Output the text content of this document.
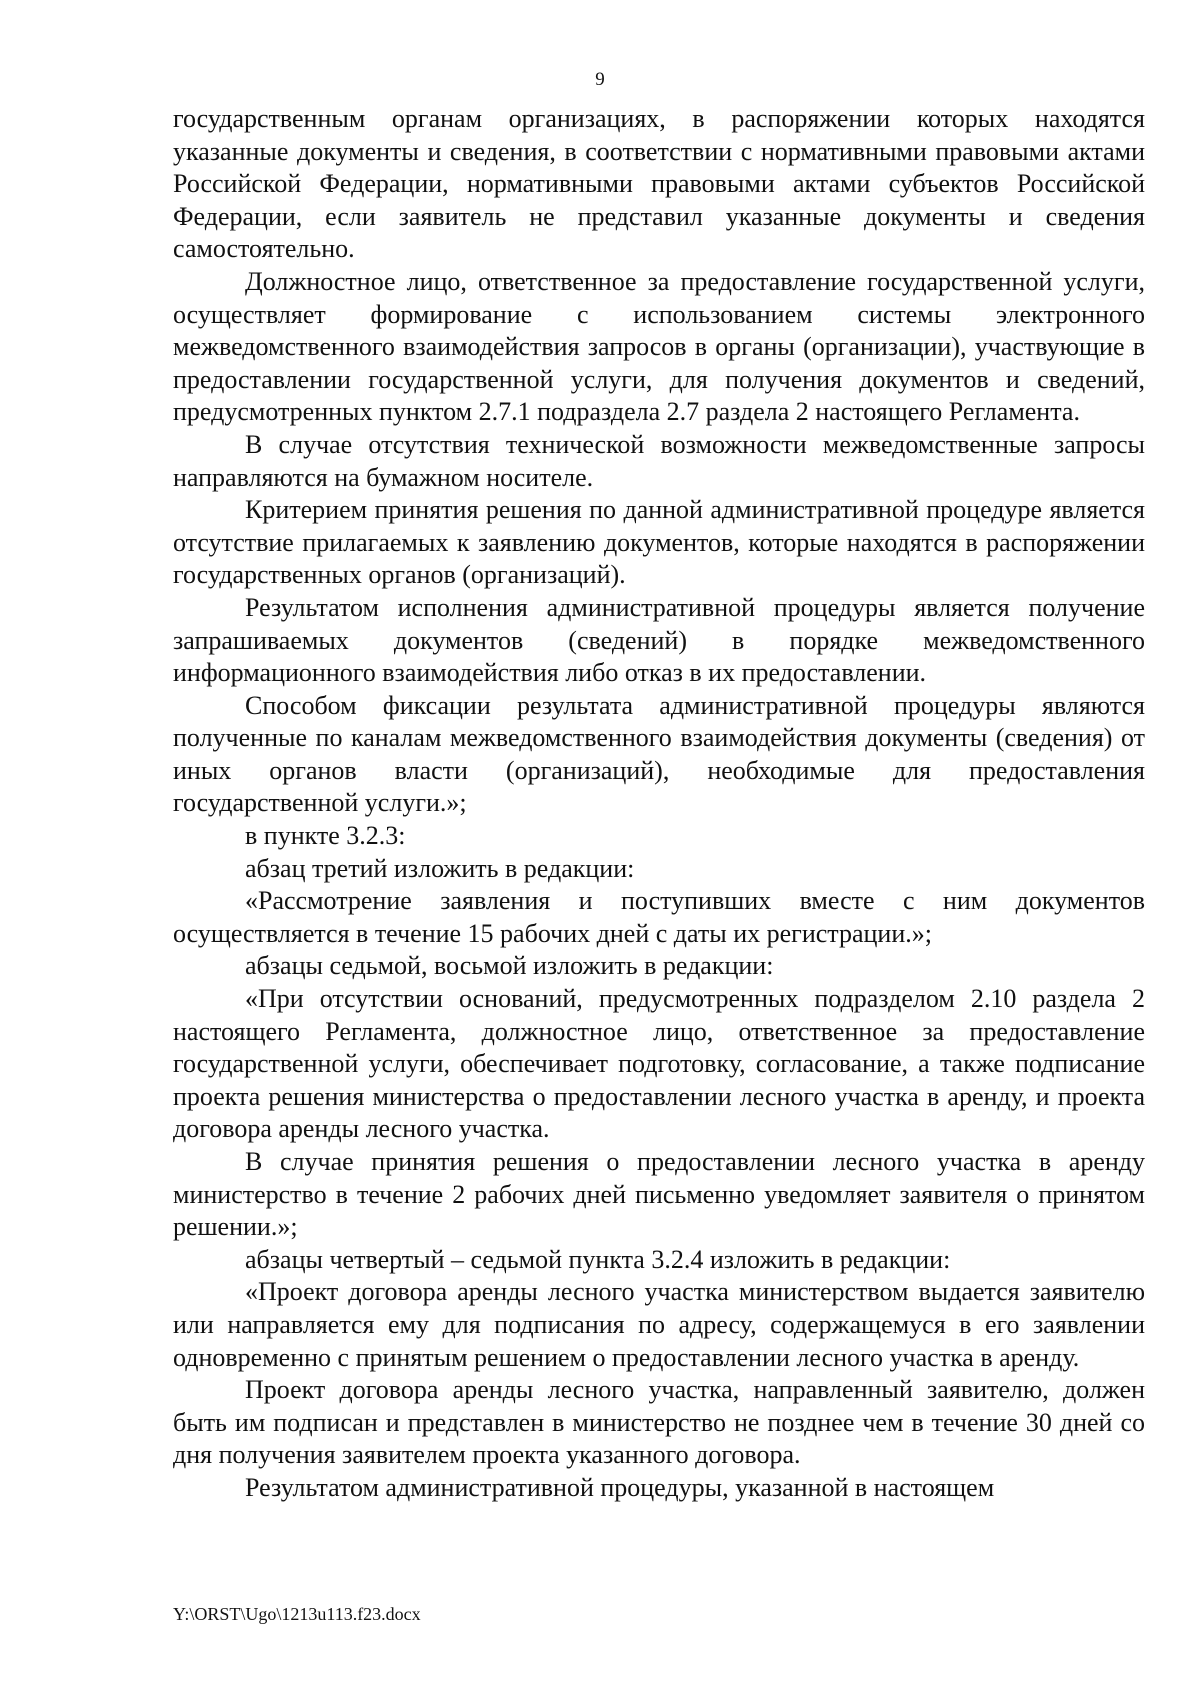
9

государственным органам организациях, в распоряжении которых находятся указанные документы и сведения, в соответствии с нормативными правовыми актами Российской Федерации, нормативными правовыми актами субъектов Российской Федерации, если заявитель не представил указанные документы и сведения самостоятельно.

Должностное лицо, ответственное за предоставление государственной услуги, осуществляет формирование с использованием системы электронного межведомственного взаимодействия запросов в органы (организации), участвующие в предоставлении государственной услуги, для получения документов и сведений, предусмотренных пунктом 2.7.1 подраздела 2.7 раздела 2 настоящего Регламента.

В случае отсутствия технической возможности межведомственные запросы направляются на бумажном носителе.

Критерием принятия решения по данной административной процедуре является отсутствие прилагаемых к заявлению документов, которые находятся в распоряжении государственных органов (организаций).

Результатом исполнения административной процедуры является получение запрашиваемых документов (сведений) в порядке межведомственного информационного взаимодействия либо отказ в их предоставлении.

Способом фиксации результата административной процедуры являются полученные по каналам межведомственного взаимодействия документы (сведения) от иных органов власти (организаций), необходимые для предоставления государственной услуги.»;

в пункте 3.2.3:

абзац третий изложить в редакции:

«Рассмотрение заявления и поступивших вместе с ним документов осуществляется в течение 15 рабочих дней с даты их регистрации.»;

абзацы седьмой, восьмой изложить в редакции:

«При отсутствии оснований, предусмотренных подразделом 2.10 раздела 2 настоящего Регламента, должностное лицо, ответственное за предоставление государственной услуги, обеспечивает подготовку, согласование, а также подписание проекта решения министерства о предоставлении лесного участка в аренду, и проекта договора аренды лесного участка.

В случае принятия решения о предоставлении лесного участка в аренду министерство в течение 2 рабочих дней письменно уведомляет заявителя о принятом решении.»;

абзацы четвертый – седьмой пункта 3.2.4 изложить в редакции:

«Проект договора аренды лесного участка министерством выдается заявителю или направляется ему для подписания по адресу, содержащемуся в его заявлении одновременно с принятым решением о предоставлении лесного участка в аренду.

Проект договора аренды лесного участка, направленный заявителю, должен быть им подписан и представлен в министерство не позднее чем в течение 30 дней со дня получения заявителем проекта указанного договора.

Результатом административной процедуры, указанной в настоящем

Y:\ORST\Ugo\1213u113.f23.docx
